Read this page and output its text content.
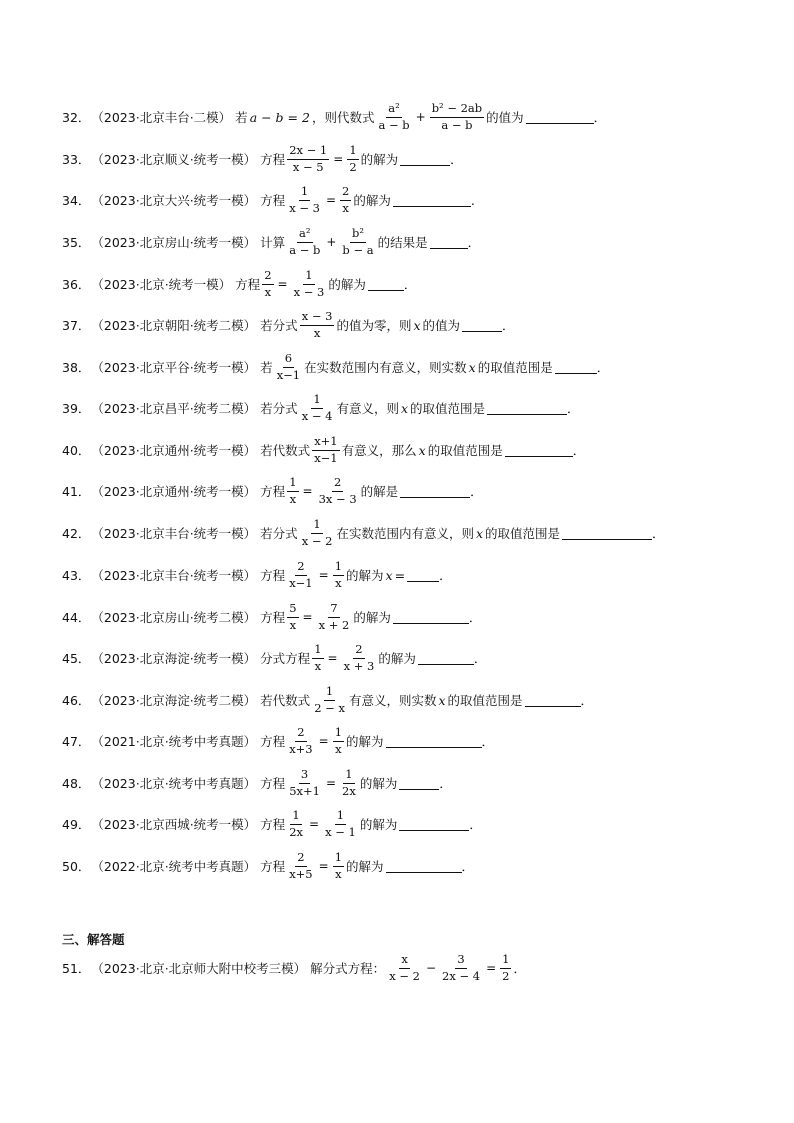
三、解答题
32． （2023·北京丰台·二模） 若 a − b = 2 ，则代数式 $\frac{\text{a²}}{a - b} + \frac{\text{b² − 2ab}}{a - b}$ 的值为	．
33． （2023·北京顺义·统考一模） 方程 $\frac{2x - 1}{x - 5} = \frac{1}{2}$ 的解为	．
34． （2023·北京大兴·统考一模） 方程 $\frac{1}{x - 3} = \frac{2}{x}$ 的解为	.
35． （2023·北京房山·统考一模） 计算 $\frac{\text{a²}}{a - b} + \frac{\text{b²}}{b - a}$ 的结果是	．
36． （2023·北京·统考一模） 方程 $\frac{2}{x} = \frac{1}{x - 3}$ 的解为	．
37． （2023·北京朝阳·统考二模） 若分式 $\frac{x - 3}{x}$ 的值为零，则 x 的值为	．
38． （2023·北京平谷·统考一模） 若 $\frac{6}{x-1}$ 在实数范围内有意义，则实数 x 的取值范围是	．
39． （2023·北京昌平·统考二模） 若分式 $\frac{1}{x - 4}$ 有意义，则 x 的取值范围是	．
40． （2023·北京通州·统考一模） 若代数式 $\frac{x+1}{x-1}$ 有意义，那么 x 的取值范围是	．
41． （2023·北京通州·统考一模） 方程 $\frac{1}{x} = \frac{2}{3x - 3}$ 的解是	．
42． （2023·北京丰台·统考一模） 若分式 $\frac{1}{x - 2}$ 在实数范围内有意义，则 x 的取值范围是	．
43． （2023·北京丰台·统考一模） 方程 $\frac{2}{x-1} = \frac{1}{x}$ 的解为 x =	．
44． （2023·北京房山·统考二模） 方程 $\frac{5}{x} = \frac{7}{x + 2}$ 的解为	．
45． （2023·北京海淀·统考一模） 分式方程 $\frac{1}{x} = \frac{2}{x + 3}$ 的解为	．
46． （2023·北京海淀·统考二模） 若代数式 $\frac{1}{2 - x}$ 有意义，则实数 x 的取值范围是	．
47． （2021·北京·统考中考真题） 方程 $\frac{2}{x+3} = \frac{1}{x}$ 的解为	．
48． （2023·北京·统考中考真题） 方程 $\frac{3}{5x+1} = \frac{1}{2x}$ 的解为	．
49． （2023·北京西城·统考一模） 方程 $\frac{1}{2x} = \frac{1}{x - 1}$ 的解为	．
50． （2022·北京·统考中考真题） 方程 $\frac{2}{x+5} = \frac{1}{x}$ 的解为	．
51． （2023·北京·北京师大附中校考三模） 解分式方程： $\frac{x}{x - 2} - \frac{3}{2x - 4} = \frac{1}{2}$ ．
